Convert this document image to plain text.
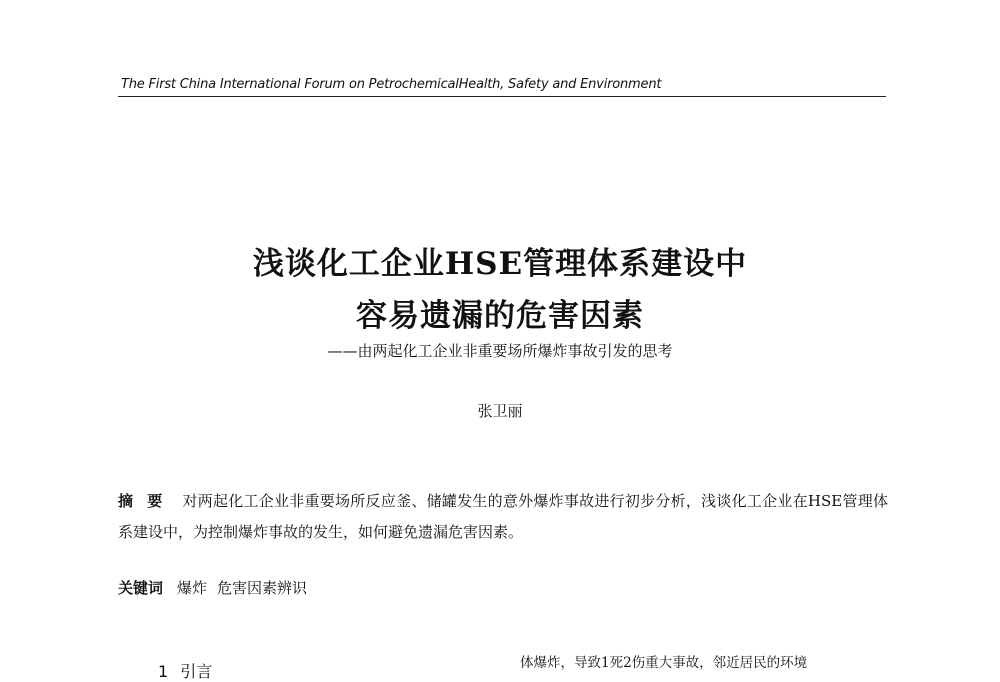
The First China International Forum on PetrochemicalHealth, Safety and Environment
浅谈化工企业HSE管理体系建设中
容易遗漏的危害因素
——由两起化工企业非重要场所爆炸事故引发的思考
张卫丽
摘要 对两起化工企业非重要场所反应釜、储罐发生的意外爆炸事故进行初步分析，浅谈化工企业在HSE管理体系建设中，为控制爆炸事故的发生，如何避免遗漏危害因素。
关键词 爆炸 危害因素辨识
1 引言	体爆炸，导致1死2伤重大事故，邻近居民的环境
